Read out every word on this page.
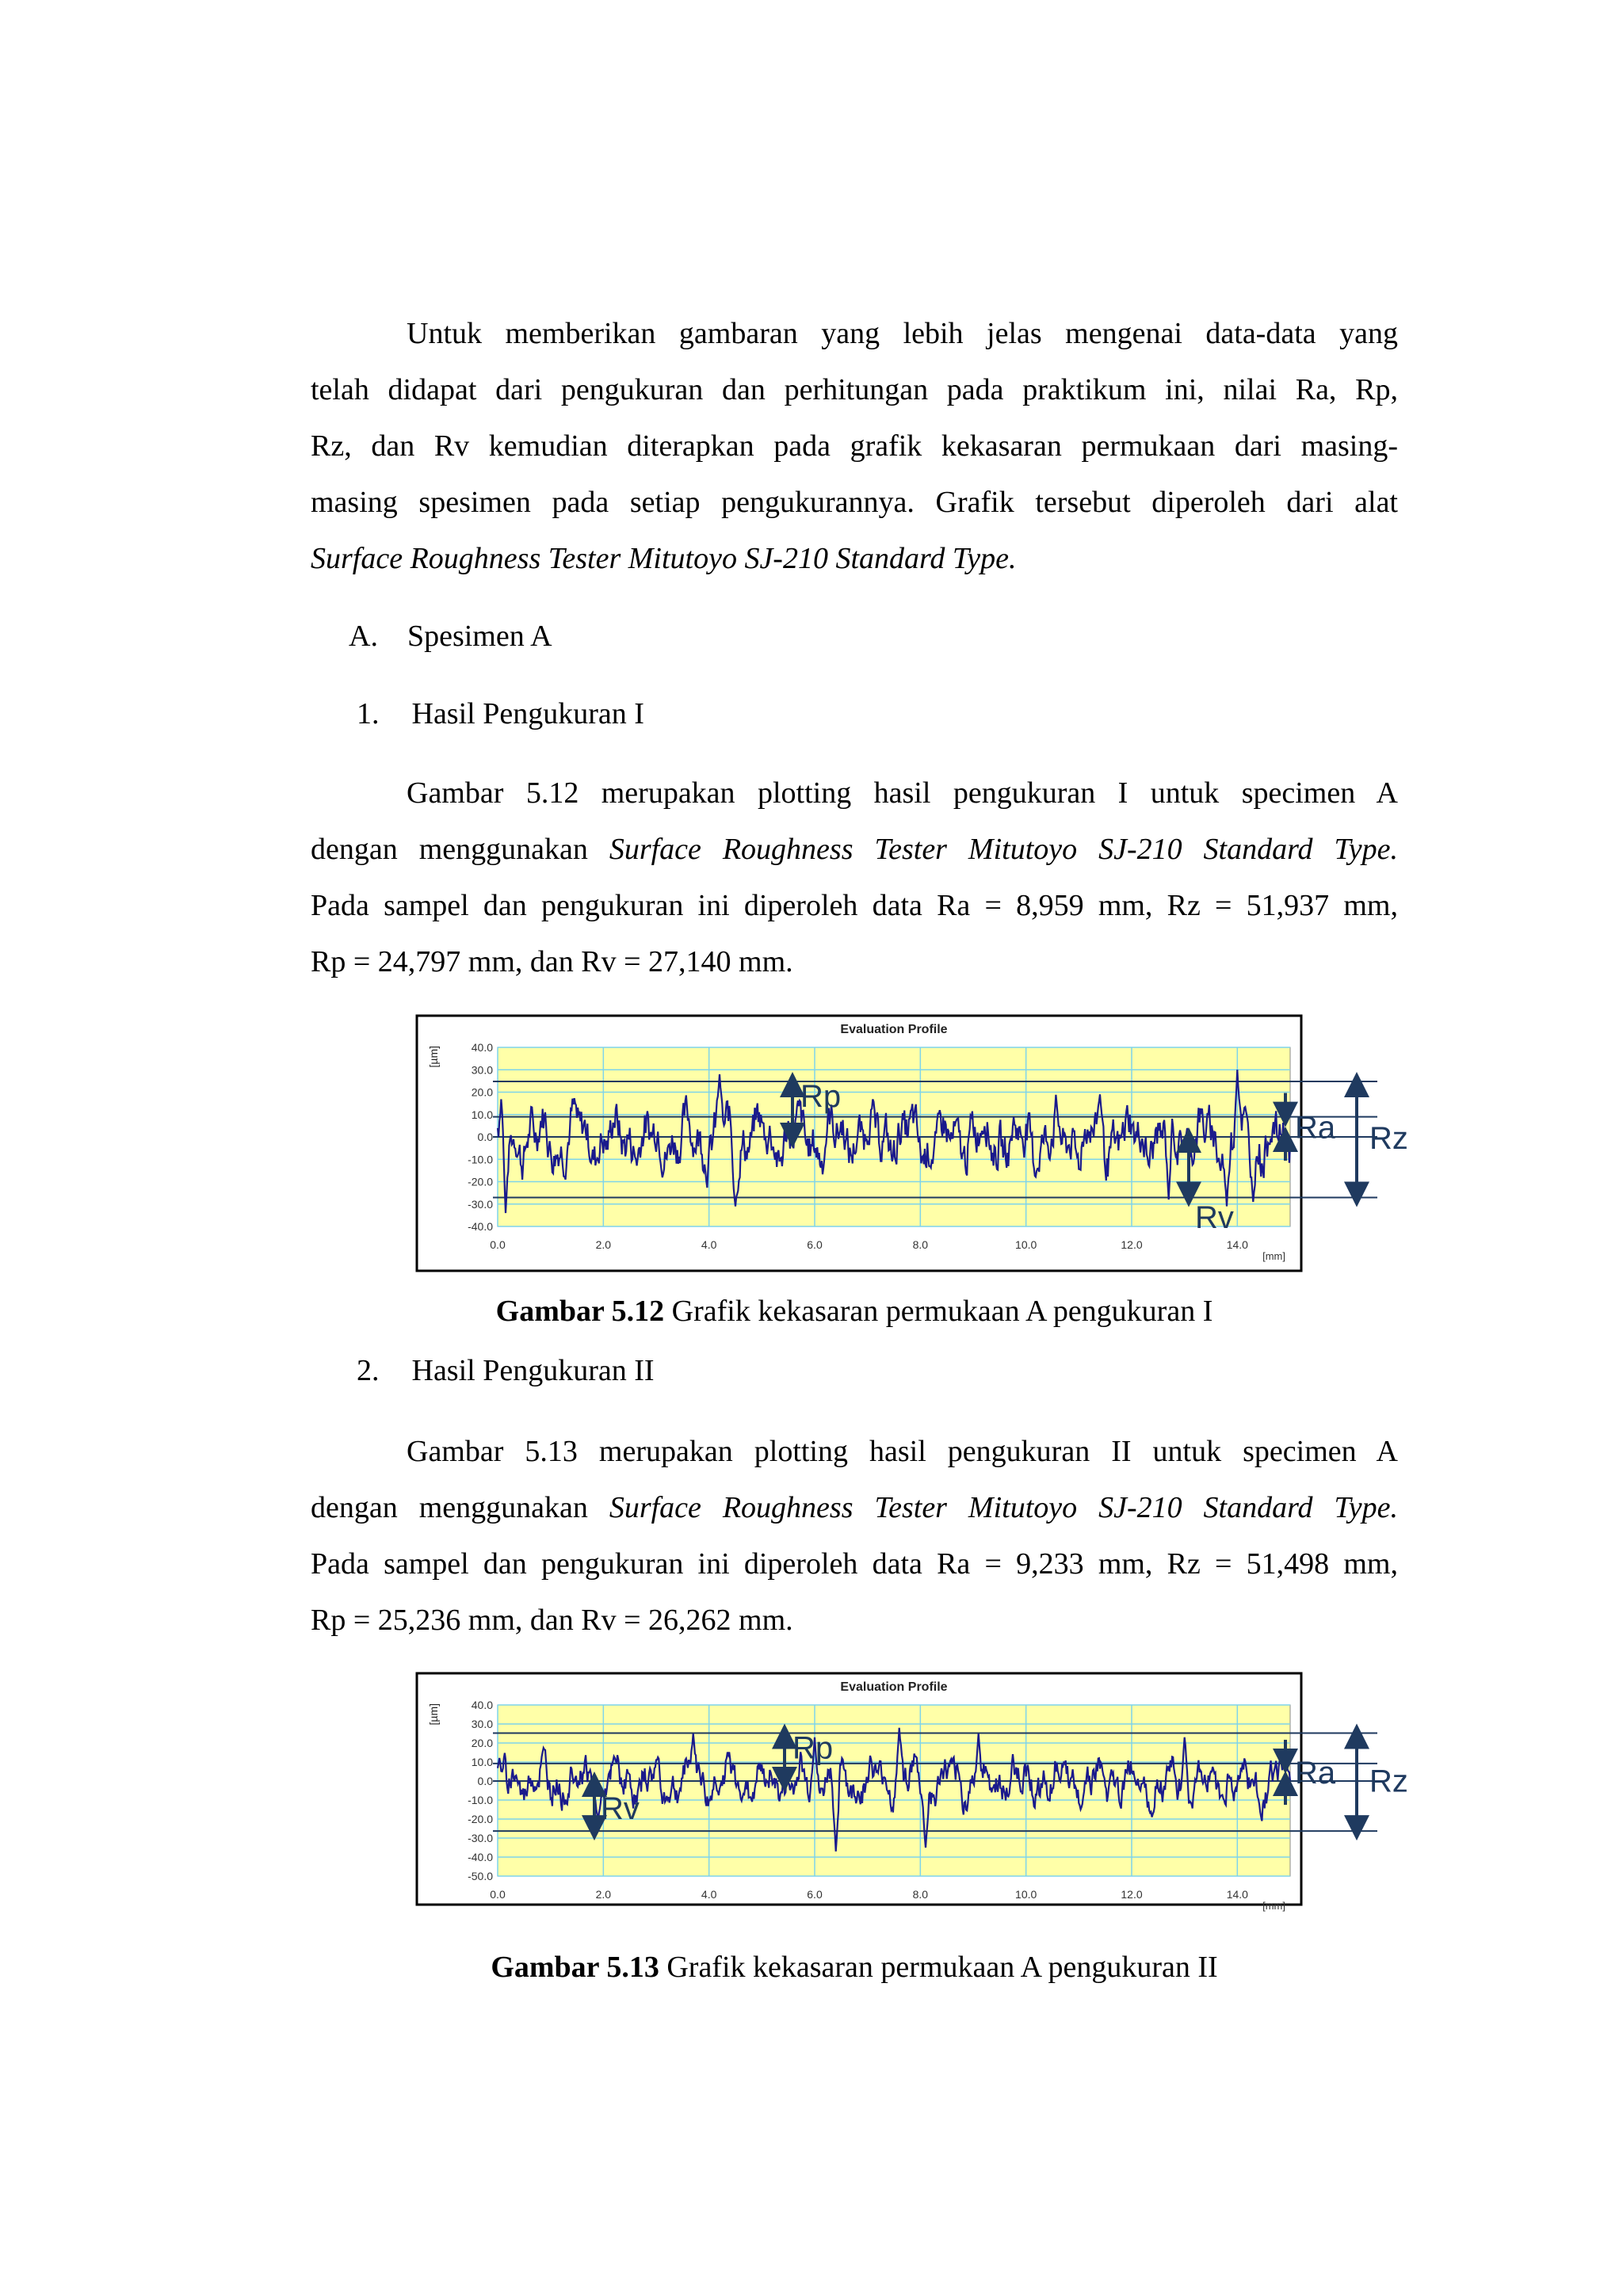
Untuk memberikan gambaran yang lebih jelas mengenai data-data yang
telah didapat dari pengukuran dan perhitungan pada praktikum ini, nilai Ra, Rp,
Rz, dan Rv kemudian diterapkan pada grafik kekasaran permukaan dari masing-
masing spesimen pada setiap pengukurannya. Grafik tersebut diperoleh dari alat
Surface Roughness Tester Mitutoyo SJ-210 Standard Type.
A. Spesimen A
1. Hasil Pengukuran I
Gambar 5.12 merupakan plotting hasil pengukuran I untuk specimen A
dengan menggunakan Surface Roughness Tester Mitutoyo SJ-210 Standard Type.
Pada sampel dan pengukuran ini diperoleh data Ra = 8,959 mm, Rz = 51,937 mm,
Rp = 24,797 mm, dan Rv = 27,140 mm.
Evaluation Profile
[µm]	40.0
30.0
20.0
10.0
0.0
-10.0
-20.0
-30.0
-40.0
0.0	2.0	4.0	6.0	8.0	10.0	12.0	14.0
[mm]
Rp
Rv
Ra Rz

Gambar 5.12 Grafik kekasaran permukaan A pengukuran I

2. Hasil Pengukuran II
Gambar 5.13 merupakan plotting hasil pengukuran II untuk specimen A
dengan menggunakan Surface Roughness Tester Mitutoyo SJ-210 Standard Type.
Pada sampel dan pengukuran ini diperoleh data Ra = 9,233 mm, Rz = 51,498 mm,
Rp = 25,236 mm, dan Rv = 26,262 mm.
Evaluation Profile
[µm]	40.0
30.0
20.0
10.0
0.0
-10.0
-20.0
-30.0
-40.0
-50.0
0.0	2.0	4.0	6.0	8.0	10.0	12.0	14.0
[mm]
Rp
Rv
Ra Rz

Gambar 5.13 Grafik kekasaran permukaan A pengukuran II
